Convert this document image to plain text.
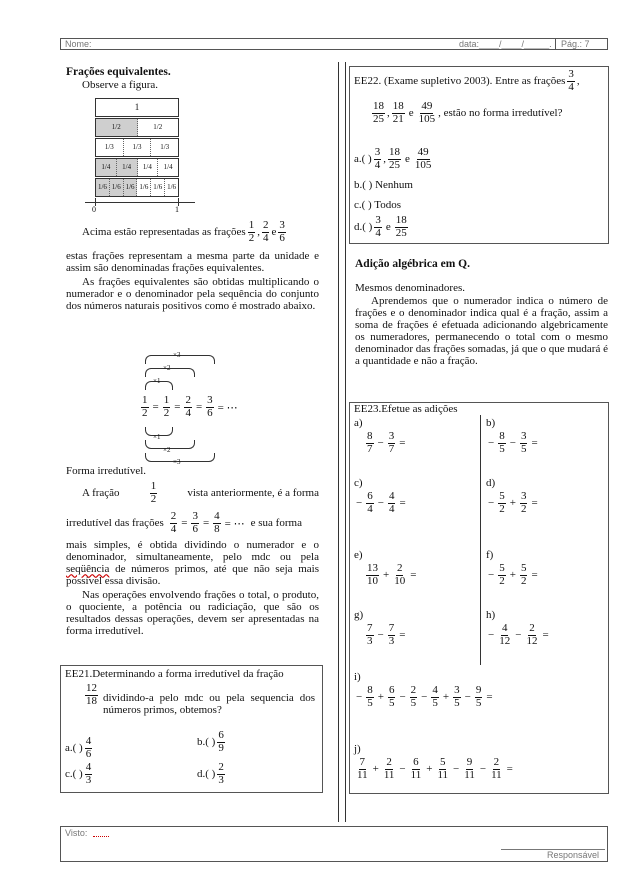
Nome:	data:____/____/_____. Pág.: 7
Frações equivalentes.
Observe a figura.
1
1/2	1/2
1/3	1/3	1/3
1/4	1/4	1/4	1/4
1/6 1/6 1/6 1/6 1/6 1/6
0	1
Acima estão representadas as frações $\frac{1}{2}$ , $\frac{2}{4}$ e $\frac{3}{6}$

estas frações representam a mesma parte da unidade e assim são denominadas frações equivalentes.

As frações equivalentes são obtidas multiplicando o numerador e o denominador pela sequência do conjunto dos números naturais positivos como é mostrado abaixo.

×3
×2
×1
$\frac{1}{2} = \frac{1}{2} = \frac{2}{4} = \frac{3}{6}$ = ⋯
×1
×2
×3
Forma irredutível.
A fração	$\frac{1}{2}$	vista anteriormente, é a forma
irredutível das frações $\frac{2}{4} = \frac{3}{6} = \frac{4}{8}$ = ⋯ e sua forma

mais simples, é obtida dividindo o numerador e o denominador, simultaneamente, pelo mdc ou pela seqüência de números primos, até que não seja mais possível essa divisão.

Nas operações envolvendo frações o total, o produto, o quociente, a potência ou radiciação, que são os resultados dessas operações, devem ser apresentadas na forma irredutível.

EE21.Determinando a forma irredutível da fração
$\frac{12}{18}$ dividindo-a pelo mdc ou pela sequencia dos números primos, obtemos?
a.( ) $\frac{4}{6}$	b.( ) $\frac{6}{9}$
c.( ) $\frac{4}{3}$	d.( ) $\frac{2}{3}$
EE22. (Exame supletivo 2003). Entre as frações $\frac{3}{4}$ ,
$\frac{18}{25}$ , $\frac{18}{21}$ e $\frac{49}{105}$ , estão no forma irredutível?
a.( ) $\frac{3}{4}$ , $\frac{18}{25}$ e $\frac{49}{105}$
b.( ) Nenhum
c.( ) Todos
d.( ) $\frac{3}{4}$ e $\frac{18}{25}$
Adição algébrica em Q.
Mesmos denominadores.

Aprendemos que o numerador indica o número de frações e o denominador indica qual é a fração, assim a soma de frações é efetuada adicionando algebricamente os numeradores, permanecendo o total com o mesmo denominador das frações somadas, já que o que mudará é a quantidade e não a fração.

EE23.Efetue as adições
a)
$\frac{8}{7} - \frac{3}{7}$ =
b)
− $\frac{8}{5} - \frac{3}{5}$ =
c)
− $\frac{6}{4} - \frac{4}{4}$ =
d)
− $\frac{5}{2} + \frac{3}{2}$ =
e)
$\frac{13}{10} + \frac{2}{10}$ =
f)
− $\frac{5}{2} + \frac{5}{2}$ =
g)
$\frac{7}{3} - \frac{7}{3}$ =
h)
− $\frac{4}{12} - \frac{2}{12}$ =
i)
− $\frac{8}{5} + \frac{6}{5} - \frac{2}{5} - \frac{4}{5} + \frac{3}{5} - \frac{9}{5}$ =
j)
$\frac{7}{11} + \frac{2}{11} - \frac{6}{11} + \frac{5}{11} - \frac{9}{11} - \frac{2}{11}$ =
Visto:
Responsável
